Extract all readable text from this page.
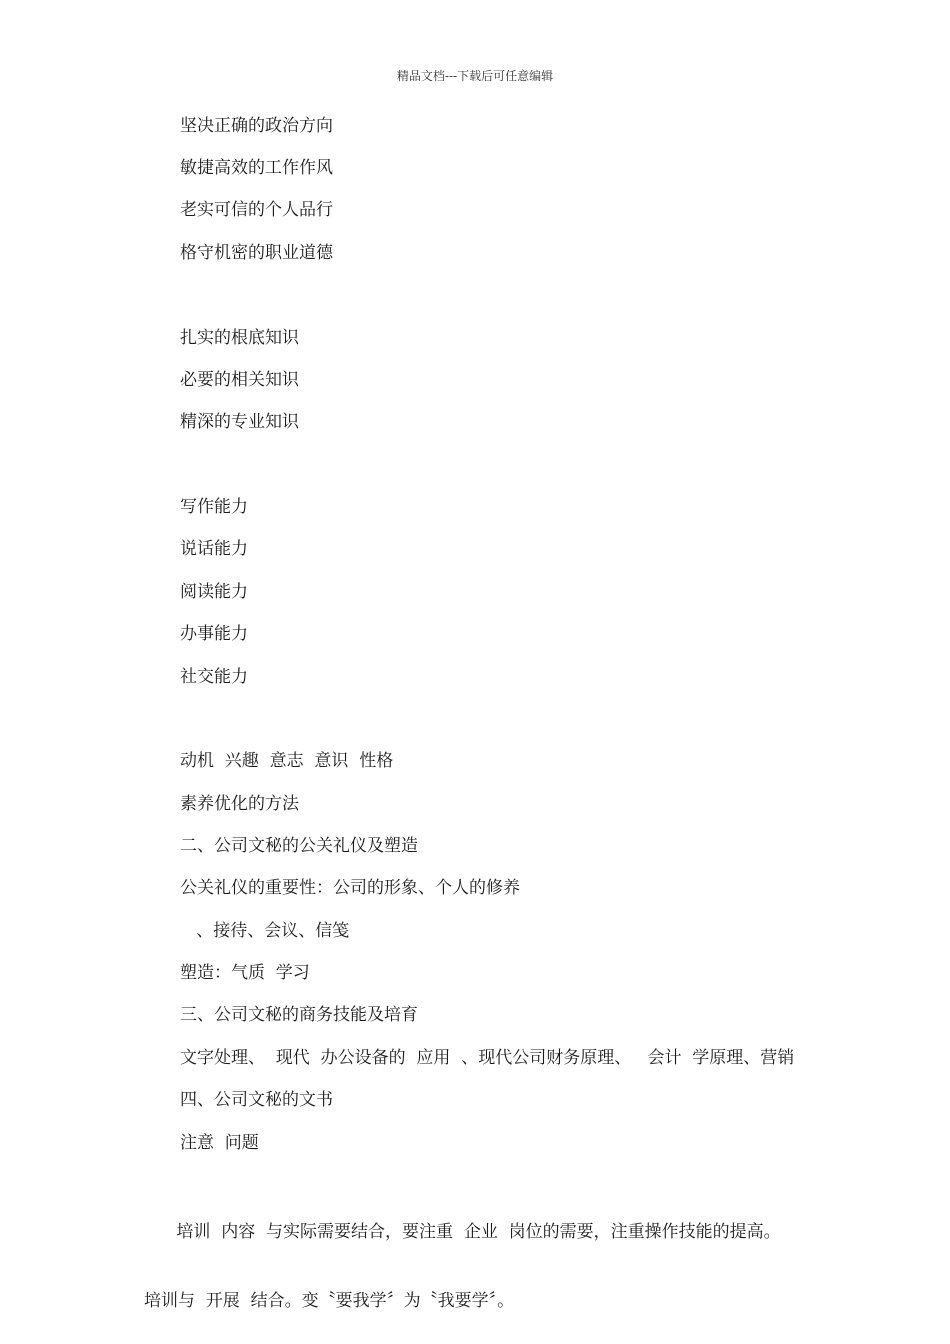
精品文档---下载后可任意编辑
坚决正确的政治方向
敏捷高效的工作作风
老实可信的个人品行
格守机密的职业道德
扎实的根底知识
必要的相关知识
精深的专业知识
写作能力
说话能力
阅读能力
办事能力
社交能力
动机  兴趣  意志  意识  性格
素养优化的方法
二、公司文秘的公关礼仪及塑造
公关礼仪的重要性：公司的形象、个人的修养
、接待、会议、信笺
塑造：气质  学习
三、公司文秘的商务技能及培育
文字处理、  现代  办公设备的  应用  、现代公司财务原理、   会计  学原理、营销
四、公司文秘的文书
注意  问题

培训  内容  与实际需要结合，要注重  企业  岗位的需要，注重操作技能的提高。

培训与  开展  结合。变〝要我学〞为〝我要学〞。
